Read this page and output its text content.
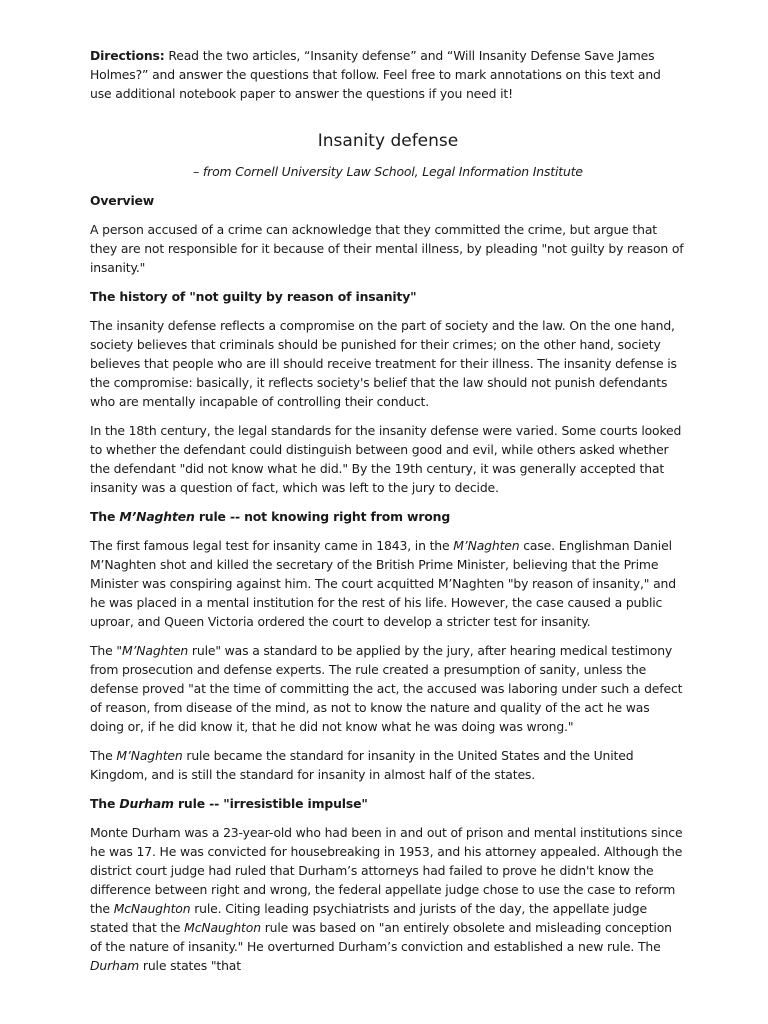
Directions: Read the two articles, “Insanity defense” and “Will Insanity Defense Save James Holmes?” and answer the questions that follow. Feel free to mark annotations on this text and use additional notebook paper to answer the questions if you need it!

Insanity defense

– from Cornell University Law School, Legal Information Institute

Overview

A person accused of a crime can acknowledge that they committed the crime, but argue that they are not responsible for it because of their mental illness, by pleading "not guilty by reason of insanity."

The history of "not guilty by reason of insanity"

The insanity defense reflects a compromise on the part of society and the law. On the one hand, society believes that criminals should be punished for their crimes; on the other hand, society believes that people who are ill should receive treatment for their illness. The insanity defense is the compromise: basically, it reflects society's belief that the law should not punish defendants who are mentally incapable of controlling their conduct.

In the 18th century, the legal standards for the insanity defense were varied. Some courts looked to whether the defendant could distinguish between good and evil, while others asked whether the defendant "did not know what he did." By the 19th century, it was generally accepted that insanity was a question of fact, which was left to the jury to decide.

The M’Naghten rule -- not knowing right from wrong

The first famous legal test for insanity came in 1843, in the M’Naghten case. Englishman Daniel M’Naghten shot and killed the secretary of the British Prime Minister, believing that the Prime Minister was conspiring against him. The court acquitted M’Naghten "by reason of insanity," and he was placed in a mental institution for the rest of his life. However, the case caused a public uproar, and Queen Victoria ordered the court to develop a stricter test for insanity.

The "M’Naghten rule" was a standard to be applied by the jury, after hearing medical testimony from prosecution and defense experts. The rule created a presumption of sanity, unless the defense proved "at the time of committing the act, the accused was laboring under such a defect of reason, from disease of the mind, as not to know the nature and quality of the act he was doing or, if he did know it, that he did not know what he was doing was wrong."

The M’Naghten rule became the standard for insanity in the United States and the United Kingdom, and is still the standard for insanity in almost half of the states.

The Durham rule -- "irresistible impulse"

Monte Durham was a 23-year-old who had been in and out of prison and mental institutions since he was 17. He was convicted for housebreaking in 1953, and his attorney appealed. Although the district court judge had ruled that Durham’s attorneys had failed to prove he didn't know the difference between right and wrong, the federal appellate judge chose to use the case to reform the McNaughton rule. Citing leading psychiatrists and jurists of the day, the appellate judge stated that the McNaughton rule was based on "an entirely obsolete and misleading conception of the nature of insanity." He overturned Durham’s conviction and established a new rule. The Durham rule states "that
